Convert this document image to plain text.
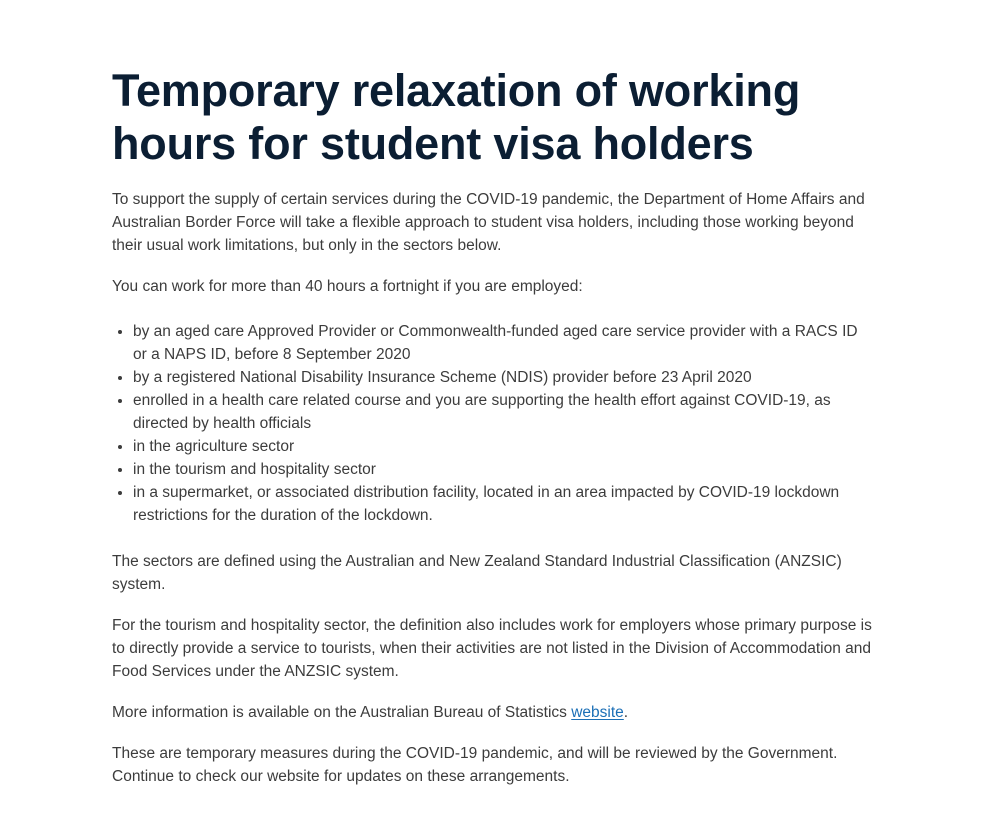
Temporary relaxation of working hours for student visa holders

To support the supply of certain services during the COVID-19 pandemic, the Department of Home Affairs and Australian Border Force will take a flexible approach to student visa holders, including those working beyond their usual work limitations, but only in the sectors below.

You can work for more than 40 hours a fortnight if you are employed:

• by an aged care Approved Provider or Commonwealth-funded aged care service provider with a RACS ID or a NAPS ID, before 8 September 2020
• by a registered National Disability Insurance Scheme (NDIS) provider before 23 April 2020
• enrolled in a health care related course and you are supporting the health effort against COVID-19, as directed by health officials
• in the agriculture sector
• in the tourism and hospitality sector
• in a supermarket, or associated distribution facility, located in an area impacted by COVID-19 lockdown restrictions for the duration of the lockdown.

The sectors are defined using the Australian and New Zealand Standard Industrial Classification (ANZSIC) system.

For the tourism and hospitality sector, the definition also includes work for employers whose primary purpose is to directly provide a service to tourists, when their activities are not listed in the Division of Accommodation and Food Services under the ANZSIC system.

More information is available on the Australian Bureau of Statistics website.

These are temporary measures during the COVID-19 pandemic, and will be reviewed by the Government. Continue to check our website for updates on these arrangements.
